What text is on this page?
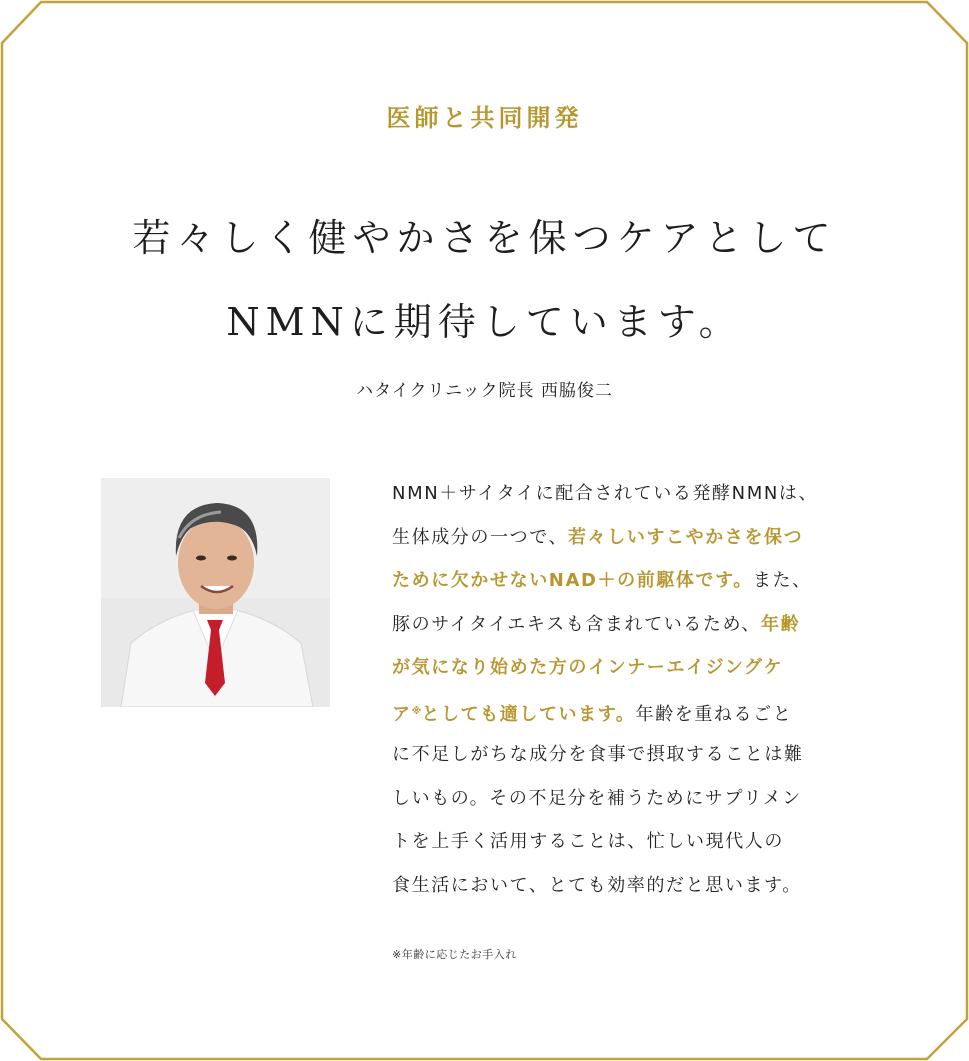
医師と共同開発
若々しく健やかさを保つケアとして
NMNに期待しています。
ハタイクリニック院長 西脇俊二
NMN＋サイタイに配合されている発酵NMNは、
生体成分の一つで、若々しいすこやかさを保つ
ために欠かせないNAD＋の前駆体です。また、
豚のサイタイエキスも含まれているため、年齢
が気になり始めた方のインナーエイジングケ
ア※としても適しています。年齢を重ねるごと
に不足しがちな成分を食事で摂取することは難
しいもの。その不足分を補うためにサプリメン
トを上手く活用することは、忙しい現代人の
食生活において、とても効率的だと思います。
※年齢に応じたお手入れ
